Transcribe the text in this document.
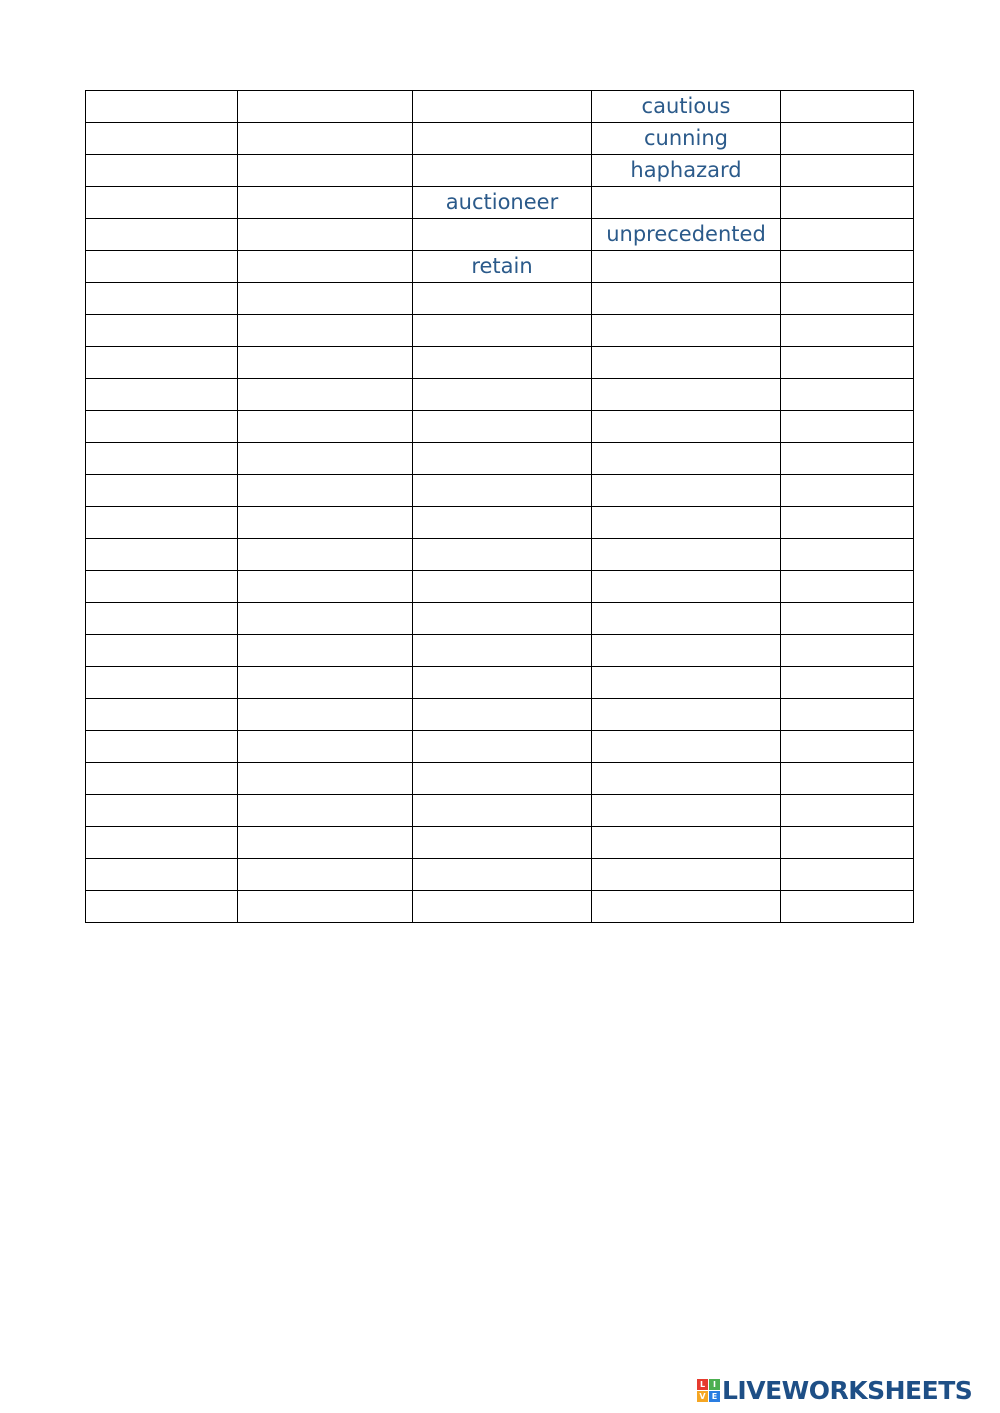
			cautious	
			cunning	
			haphazard	
		auctioneer		
			unprecedented	
		retain		

L I
V E LIVEWORKSHEETS
